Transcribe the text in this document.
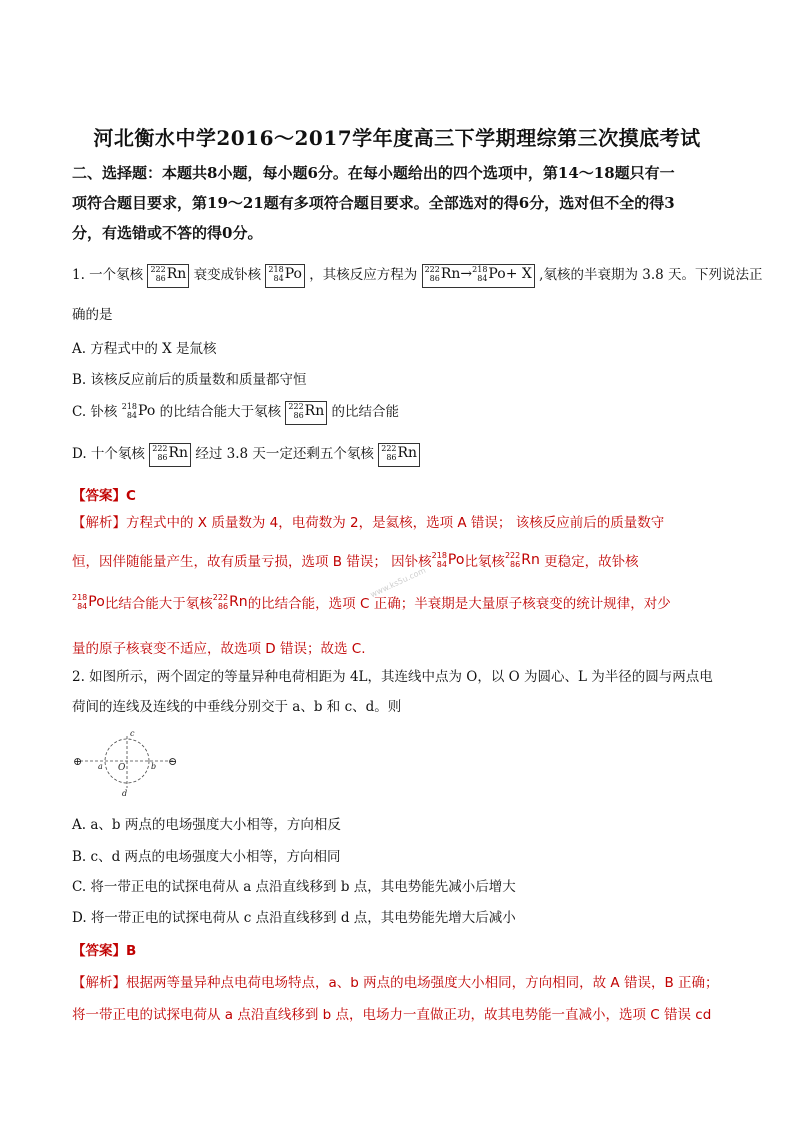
河北衡水中学2016～2017学年度高三下学期理综第三次摸底考试
二、选择题：本题共8小题，每小题6分。在每小题给出的四个选项中，第14～18题只有一
项符合题目要求，第19～21题有多项符合题目要求。全部选对的得6分，选对但不全的得3
分，有选错或不答的得0分。
1. 一个氡核 222
86 Rn 衰变成钋核 218
84 Po ，其核反应方程为 222
86 Rn→ 218
84 Po+ X ,氡核的半衰期为 3.8 天。下列说法正
确的是
A. 方程式中的 X 是氚核
B. 该核反应前后的质量数和质量都守恒
C. 钋核 218
84 Po 的比结合能大于氡核 222
86 Rn 的比结合能
D. 十个氡核 222
86 Rn 经过 3.8 天一定还剩五个氡核 222
86 Rn
【答案】C
【解析】方程式中的 X 质量数为 4，电荷数为 2，是氦核，选项 A 错误； 该核反应前后的质量数守
恒，因伴随能量产生，故有质量亏损，选项 B 错误； 因钋核 218
84 Po比氡核 222
86 Rn 更稳定，故钋核
218
84 Po比结合能大于氡核 222
86 Rn的比结合能，选项 C 正确；半衰期是大量原子核衰变的统计规律，对少
量的原子核衰变不适应，故选项 D 错误；故选 C.
www.ks5u.com
2. 如图所示，两个固定的等量异种电荷相距为 4L，其连线中点为 O，以 O 为圆心、L 为半径的圆与两点电
荷间的连线及连线的中垂线分别交于 a、b 和 c、d。则
⊕	⊖
a	b
c
d
O
A. a、b 两点的电场强度大小相等，方向相反
B. c、d 两点的电场强度大小相等，方向相同
C. 将一带正电的试探电荷从 a 点沿直线移到 b 点，其电势能先减小后增大
D. 将一带正电的试探电荷从 c 点沿直线移到 d 点，其电势能先增大后减小
【答案】B
【解析】根据两等量异种点电荷电场特点，a、b 两点的电场强度大小相同，方向相同，故 A 错误，B 正确；
将一带正电的试探电荷从 a 点沿直线移到 b 点，电场力一直做正功，故其电势能一直减小，选项 C 错误 cd
